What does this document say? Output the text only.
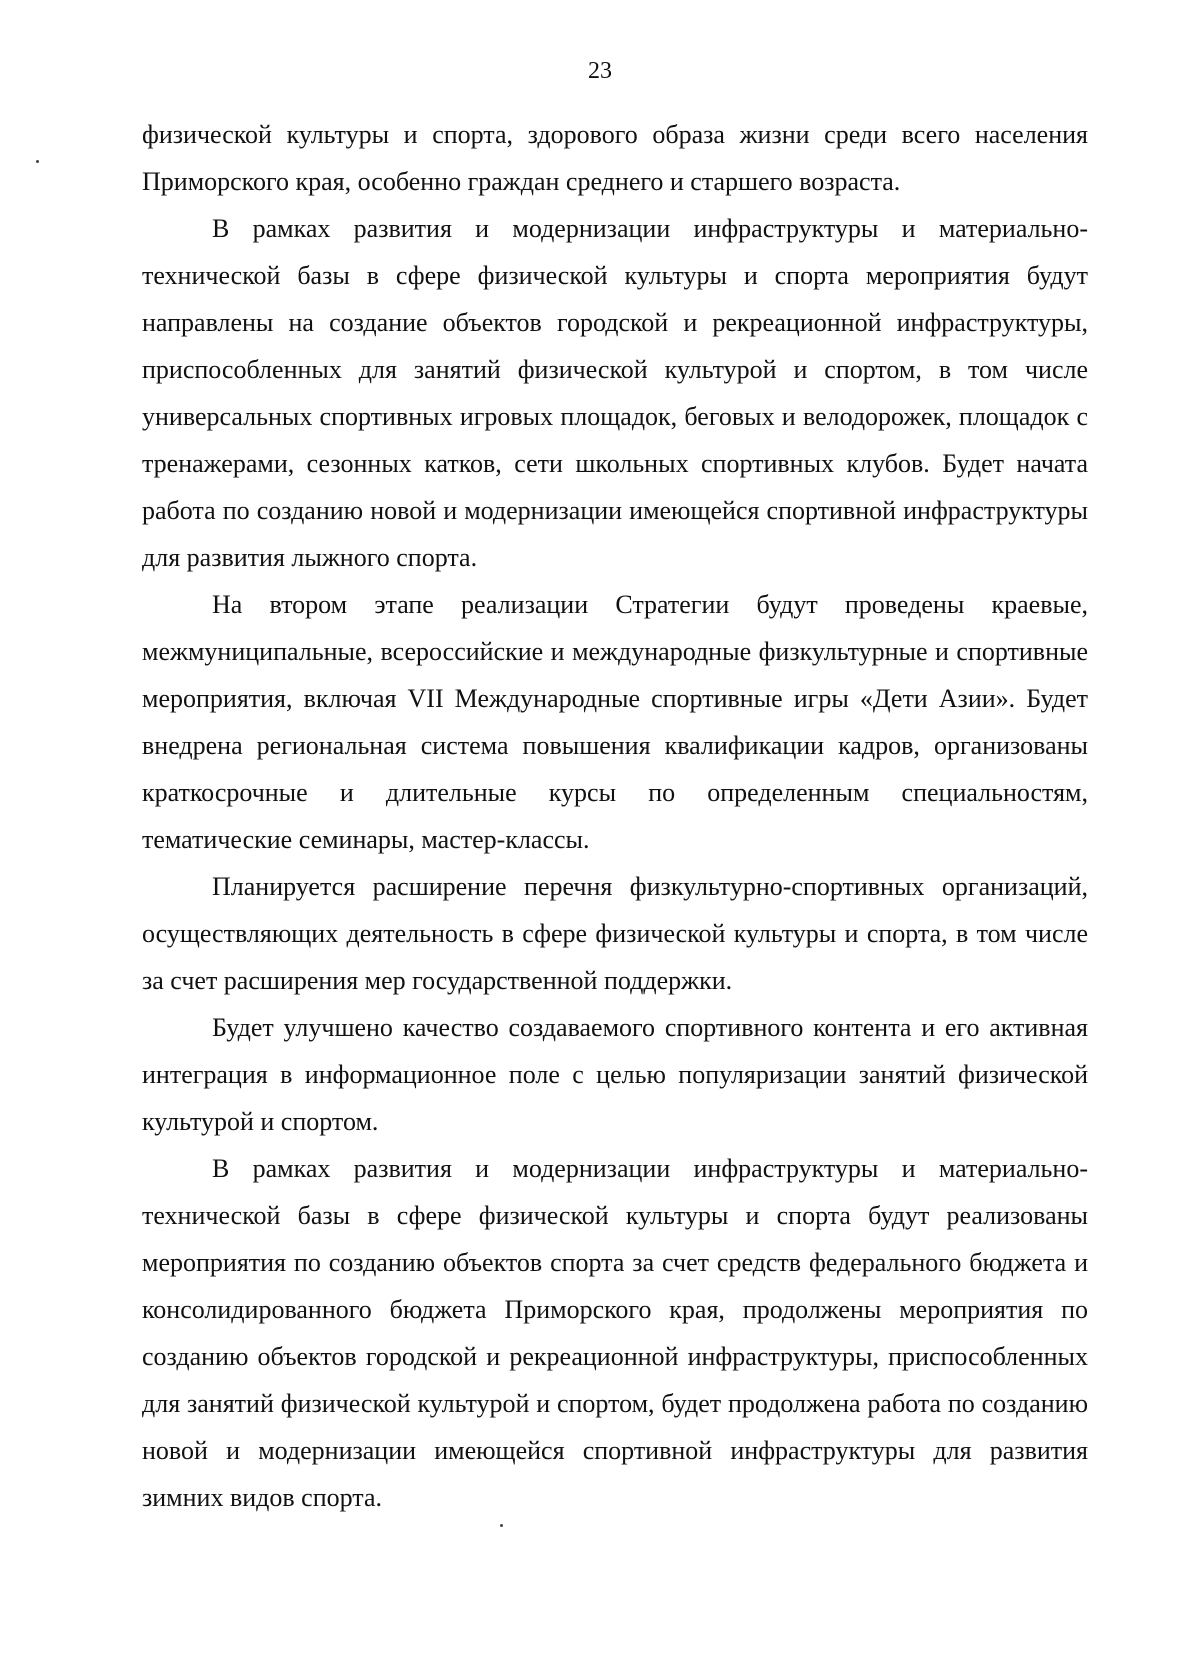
23

физической культуры и спорта, здорового образа жизни среди всего населения Приморского края, особенно граждан среднего и старшего возраста.

В рамках развития и модернизации инфраструктуры и материально-технической базы в сфере физической культуры и спорта мероприятия будут направлены на создание объектов городской и рекреационной инфраструктуры, приспособленных для занятий физической культурой и спортом, в том числе универсальных спортивных игровых площадок, беговых и велодорожек, площадок с тренажерами, сезонных катков, сети школьных спортивных клубов. Будет начата работа по созданию новой и модернизации имеющейся спортивной инфраструктуры для развития лыжного спорта.

На втором этапе реализации Стратегии будут проведены краевые, межмуниципальные, всероссийские и международные физкультурные и спортивные мероприятия, включая VII Международные спортивные игры «Дети Азии». Будет внедрена региональная система повышения квалификации кадров, организованы краткосрочные и длительные курсы по определенным специальностям, тематические семинары, мастер-классы.

Планируется расширение перечня физкультурно-спортивных организаций, осуществляющих деятельность в сфере физической культуры и спорта, в том числе за счет расширения мер государственной поддержки.

Будет улучшено качество создаваемого спортивного контента и его активная интеграция в информационное поле с целью популяризации занятий физической культурой и спортом.

В рамках развития и модернизации инфраструктуры и материально-технической базы в сфере физической культуры и спорта будут реализованы мероприятия по созданию объектов спорта за счет средств федерального бюджета и консолидированного бюджета Приморского края, продолжены мероприятия по созданию объектов городской и рекреационной инфраструктуры, приспособленных для занятий физической культурой и спортом, будет продолжена работа по созданию новой и модернизации имеющейся спортивной инфраструктуры для развития зимних видов спорта.
